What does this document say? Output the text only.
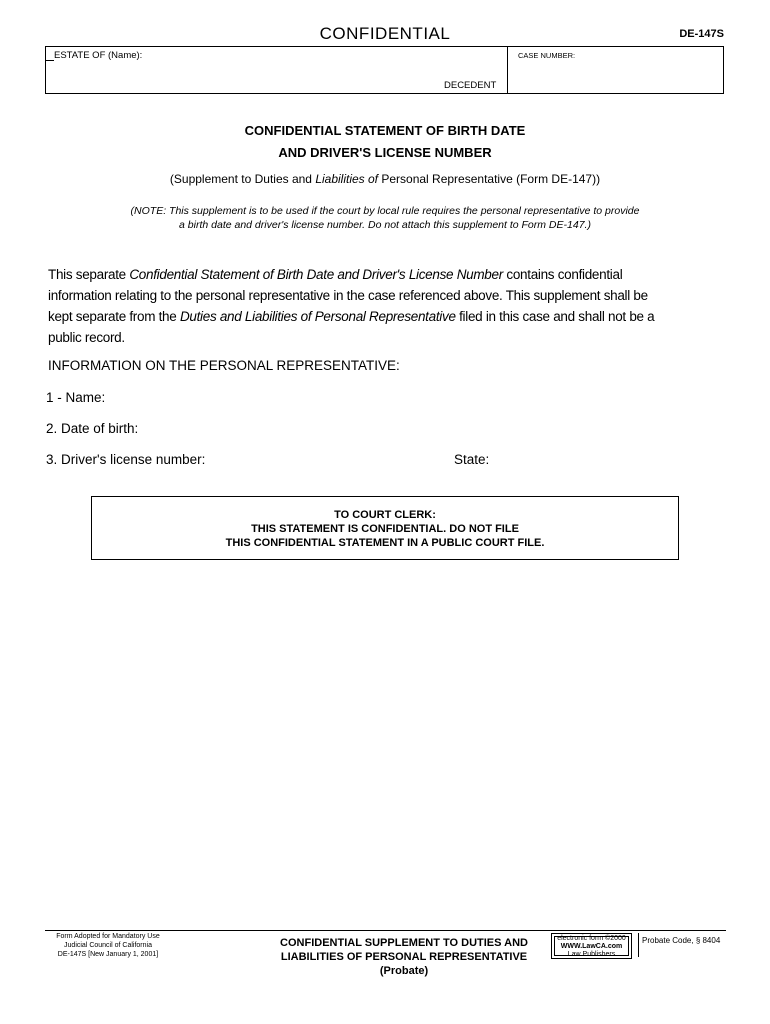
CONFIDENTIAL	DE-147S
ESTATE OF (Name):
DECEDENT
CASE NUMBER:
CONFIDENTIAL STATEMENT OF BIRTH DATE
AND DRIVER'S LICENSE NUMBER
(Supplement to Duties and Liabilities of Personal Representative (Form DE-147))
(NOTE: This supplement is to be used if the court by local rule requires the personal representative to provide
a birth date and driver's license number. Do not attach this supplement to Form DE-147.)
This separate Confidential Statement of Birth Date and Driver's License Number contains confidential information relating to the personal representative in the case referenced above. This supplement shall be kept separate from the Duties and Liabilities of Personal Representative filed in this case and shall not be a public record.
INFORMATION ON THE PERSONAL REPRESENTATIVE:
1 - Name:
2. Date of birth:
3. Driver's license number:	State:
TO COURT CLERK:
THIS STATEMENT IS CONFIDENTIAL. DO NOT FILE
THIS CONFIDENTIAL STATEMENT IN A PUBLIC COURT FILE.
Form Adopted for Mandatory Use
Judicial Council of California
DE-147S [New January 1, 2001]
CONFIDENTIAL SUPPLEMENT TO DUTIES AND
LIABILITIES OF PERSONAL REPRESENTATIVE
(Probate)
electronic form ©2000
WWW.LawCA.com
Law Publishers
Probate Code, § 8404
